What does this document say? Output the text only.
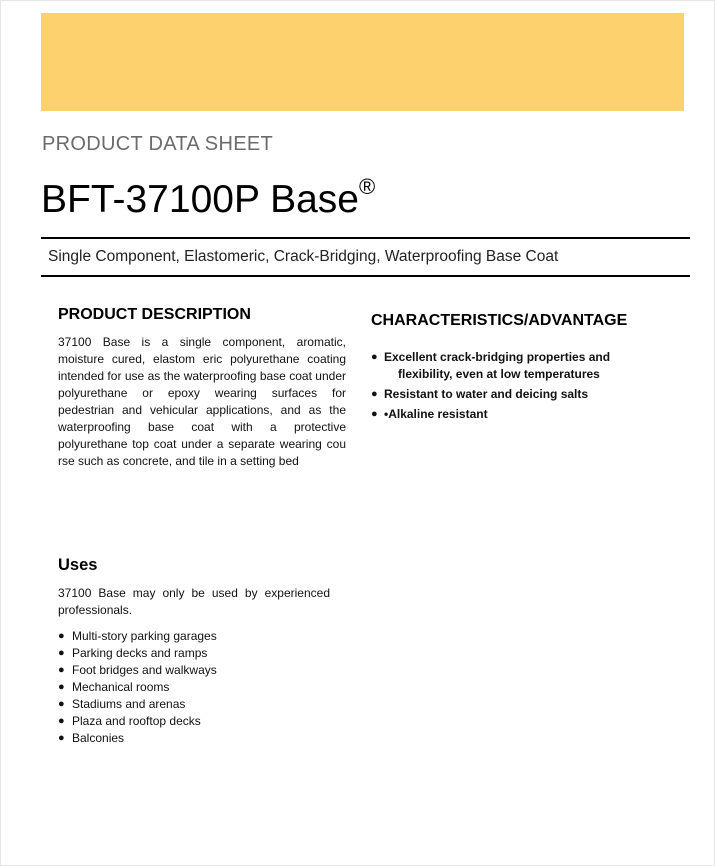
PRODUCT DATA SHEET
BFT-37100P Base®
Single Component, Elastomeric, Crack-Bridging, Waterproofing Base Coat
PRODUCT DESCRIPTION
37100 Base is a single component, aromatic, moisture cured, elastom eric polyurethane coating intended for use as the waterproofing base coat under polyurethane or epoxy wearing surfaces for pedestrian and vehicular applications, and as the waterproofing base coat with a protective polyurethane top coat under a separate wearing cou rse such as concrete, and tile in a setting bed
CHARACTERISTICS/ADVANTAGE
● Excellent crack-bridging properties and
flexibility, even at low temperatures
● Resistant to water and deicing salts
● •Alkaline resistant
Uses
37100 Base may only be used by experienced professionals.
● Multi-story parking garages
● Parking decks and ramps
● Foot bridges and walkways
● Mechanical rooms
● Stadiums and arenas
● Plaza and rooftop decks
● Balconies
